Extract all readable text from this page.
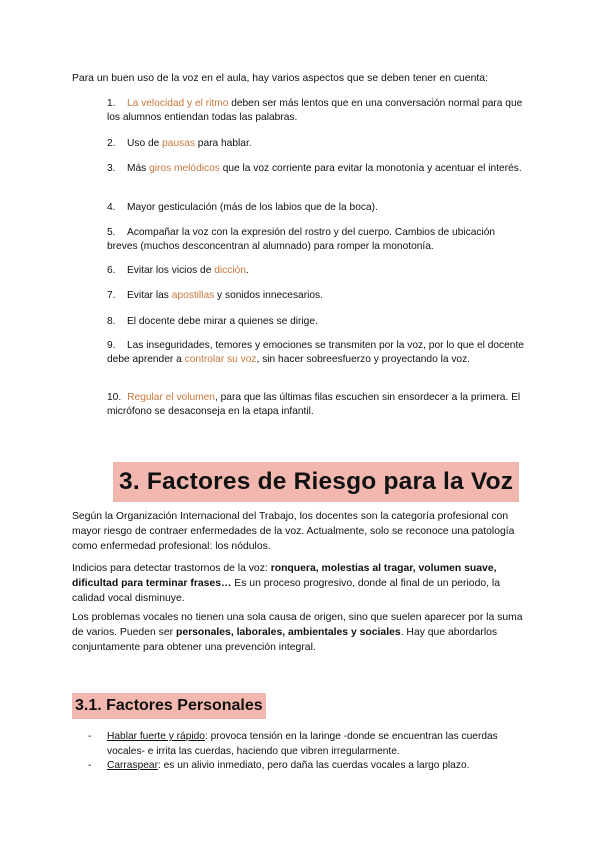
Para un buen uso de la voz en el aula, hay varios aspectos que se deben tener en cuenta:

1. La velocidad y el ritmo deben ser más lentos que en una conversación normal para que los alumnos entiendan todas las palabras.

2. Uso de pausas para hablar.

3. Más giros melódicos que la voz corriente para evitar la monotonía y acentuar el interés.

4. Mayor gesticulación (más de los labios que de la boca).

5. Acompañar la voz con la expresión del rostro y del cuerpo. Cambios de ubicación breves (muchos desconcentran al alumnado) para romper la monotonía.

6. Evitar los vicios de dicción.

7. Evitar las apostillas y sonidos innecesarios.

8. El docente debe mirar a quienes se dirige.

9. Las inseguridades, temores y emociones se transmiten por la voz, por lo que el docente debe aprender a controlar su voz, sin hacer sobreesfuerzo y proyectando la voz.

10. Regular el volumen, para que las últimas filas escuchen sin ensordecer a la primera. El micrófono se desaconseja en la etapa infantil.

3. Factores de Riesgo para la Voz

Según la Organización Internacional del Trabajo, los docentes son la categoría profesional con mayor riesgo de contraer enfermedades de la voz. Actualmente, solo se reconoce una patología como enfermedad profesional: los nódulos.

Indicios para detectar trastornos de la voz: ronquera, molestias al tragar, volumen suave, dificultad para terminar frases… Es un proceso progresivo, donde al final de un periodo, la calidad vocal disminuye.

Los problemas vocales no tienen una sola causa de origen, sino que suelen aparecer por la suma de varios. Pueden ser personales, laborales, ambientales y sociales. Hay que abordarlos conjuntamente para obtener una prevención integral.

3.1. Factores Personales

- Hablar fuerte y rápido: provoca tensión en la laringe -donde se encuentran las cuerdas vocales- e irrita las cuerdas, haciendo que vibren irregularmente.

- Carraspear: es un alivio inmediato, pero daña las cuerdas vocales a largo plazo.
